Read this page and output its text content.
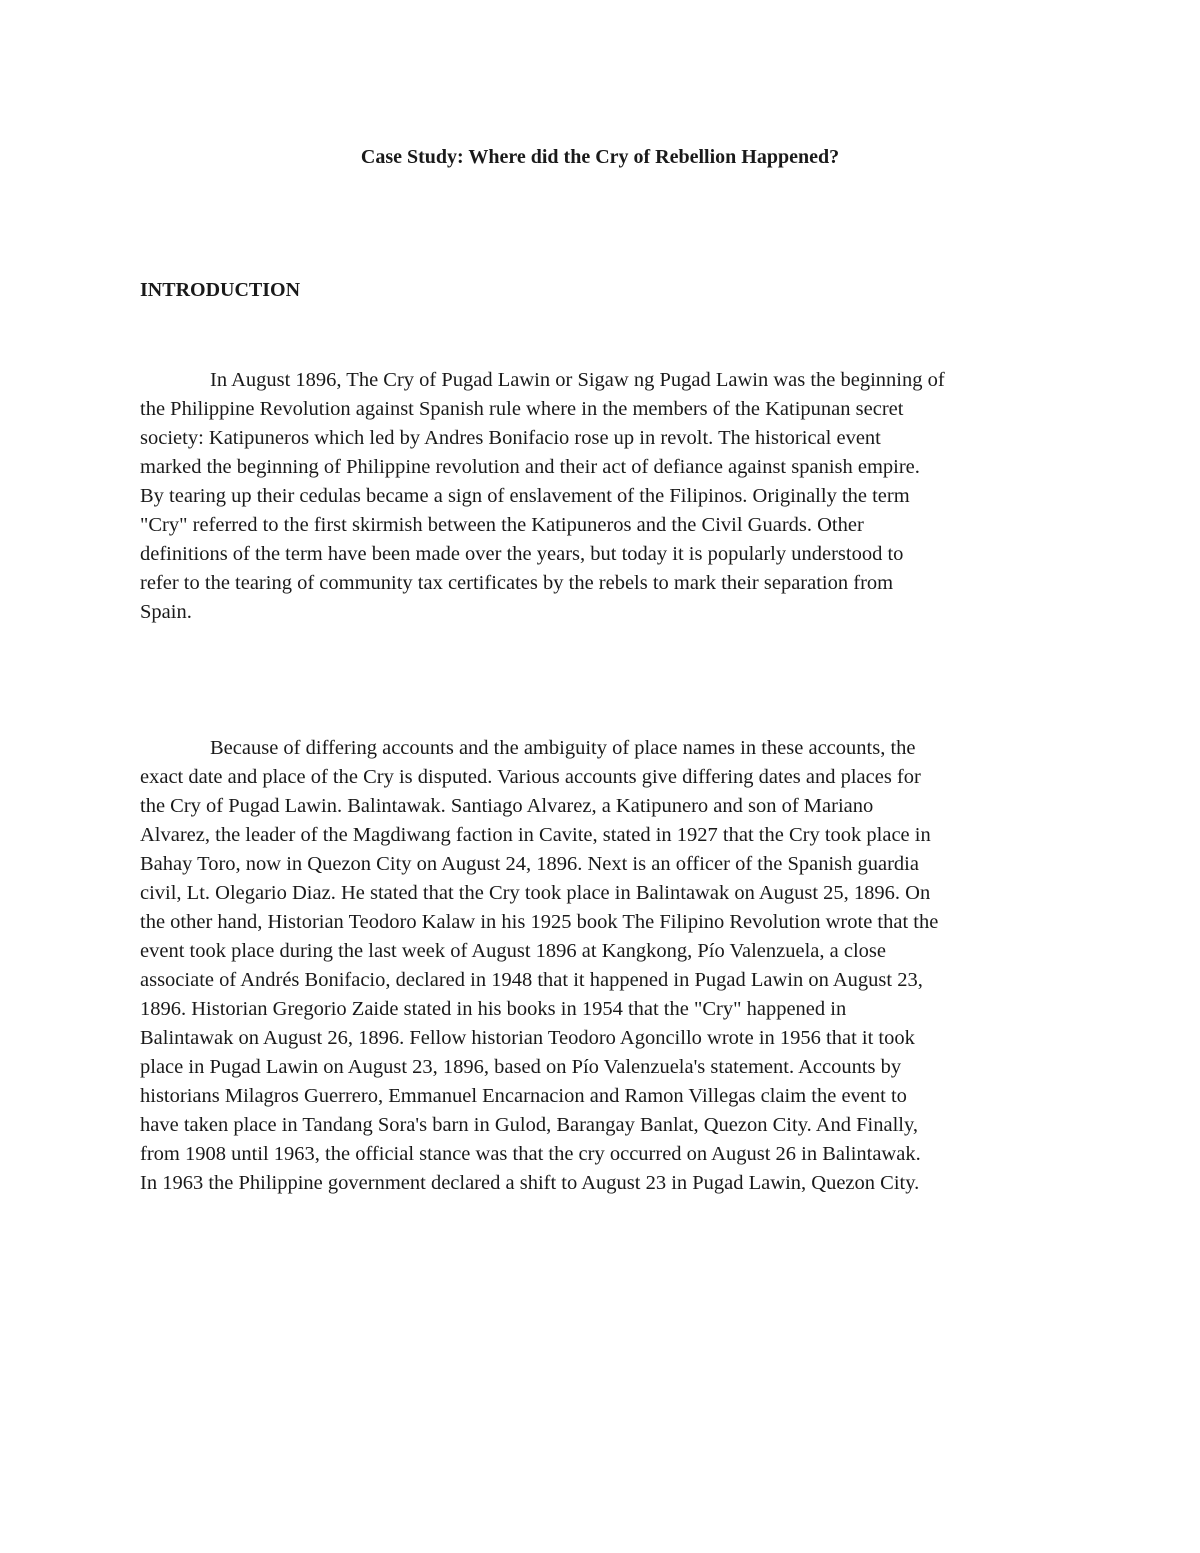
Case Study: Where did the Cry of Rebellion Happened?
INTRODUCTION

In August 1896, The Cry of Pugad Lawin or Sigaw ng Pugad Lawin was the beginning of
the Philippine Revolution against Spanish rule where in the members of the Katipunan secret
society: Katipuneros which led by Andres Bonifacio rose up in revolt. The historical event
marked the beginning of Philippine revolution and their act of defiance against spanish empire.
By tearing up their cedulas became a sign of enslavement of the Filipinos. Originally the term
"Cry" referred to the first skirmish between the Katipuneros and the Civil Guards. Other
definitions of the term have been made over the years, but today it is popularly understood to
refer to the tearing of community tax certificates by the rebels to mark their separation from
Spain.

Because of differing accounts and the ambiguity of place names in these accounts, the
exact date and place of the Cry is disputed. Various accounts give differing dates and places for
the Cry of Pugad Lawin. Balintawak. Santiago Alvarez, a Katipunero and son of Mariano
Alvarez, the leader of the Magdiwang faction in Cavite, stated in 1927 that the Cry took place in
Bahay Toro, now in Quezon City on August 24, 1896. Next is an officer of the Spanish guardia
civil, Lt. Olegario Diaz. He stated that the Cry took place in Balintawak on August 25, 1896. On
the other hand, Historian Teodoro Kalaw in his 1925 book The Filipino Revolution wrote that the
event took place during the last week of August 1896 at Kangkong, Pío Valenzuela, a close
associate of Andrés Bonifacio, declared in 1948 that it happened in Pugad Lawin on August 23,
1896. Historian Gregorio Zaide stated in his books in 1954 that the "Cry" happened in
Balintawak on August 26, 1896. Fellow historian Teodoro Agoncillo wrote in 1956 that it took
place in Pugad Lawin on August 23, 1896, based on Pío Valenzuela's statement. Accounts by
historians Milagros Guerrero, Emmanuel Encarnacion and Ramon Villegas claim the event to
have taken place in Tandang Sora's barn in Gulod, Barangay Banlat, Quezon City. And Finally,
from 1908 until 1963, the official stance was that the cry occurred on August 26 in Balintawak.
In 1963 the Philippine government declared a shift to August 23 in Pugad Lawin, Quezon City.
